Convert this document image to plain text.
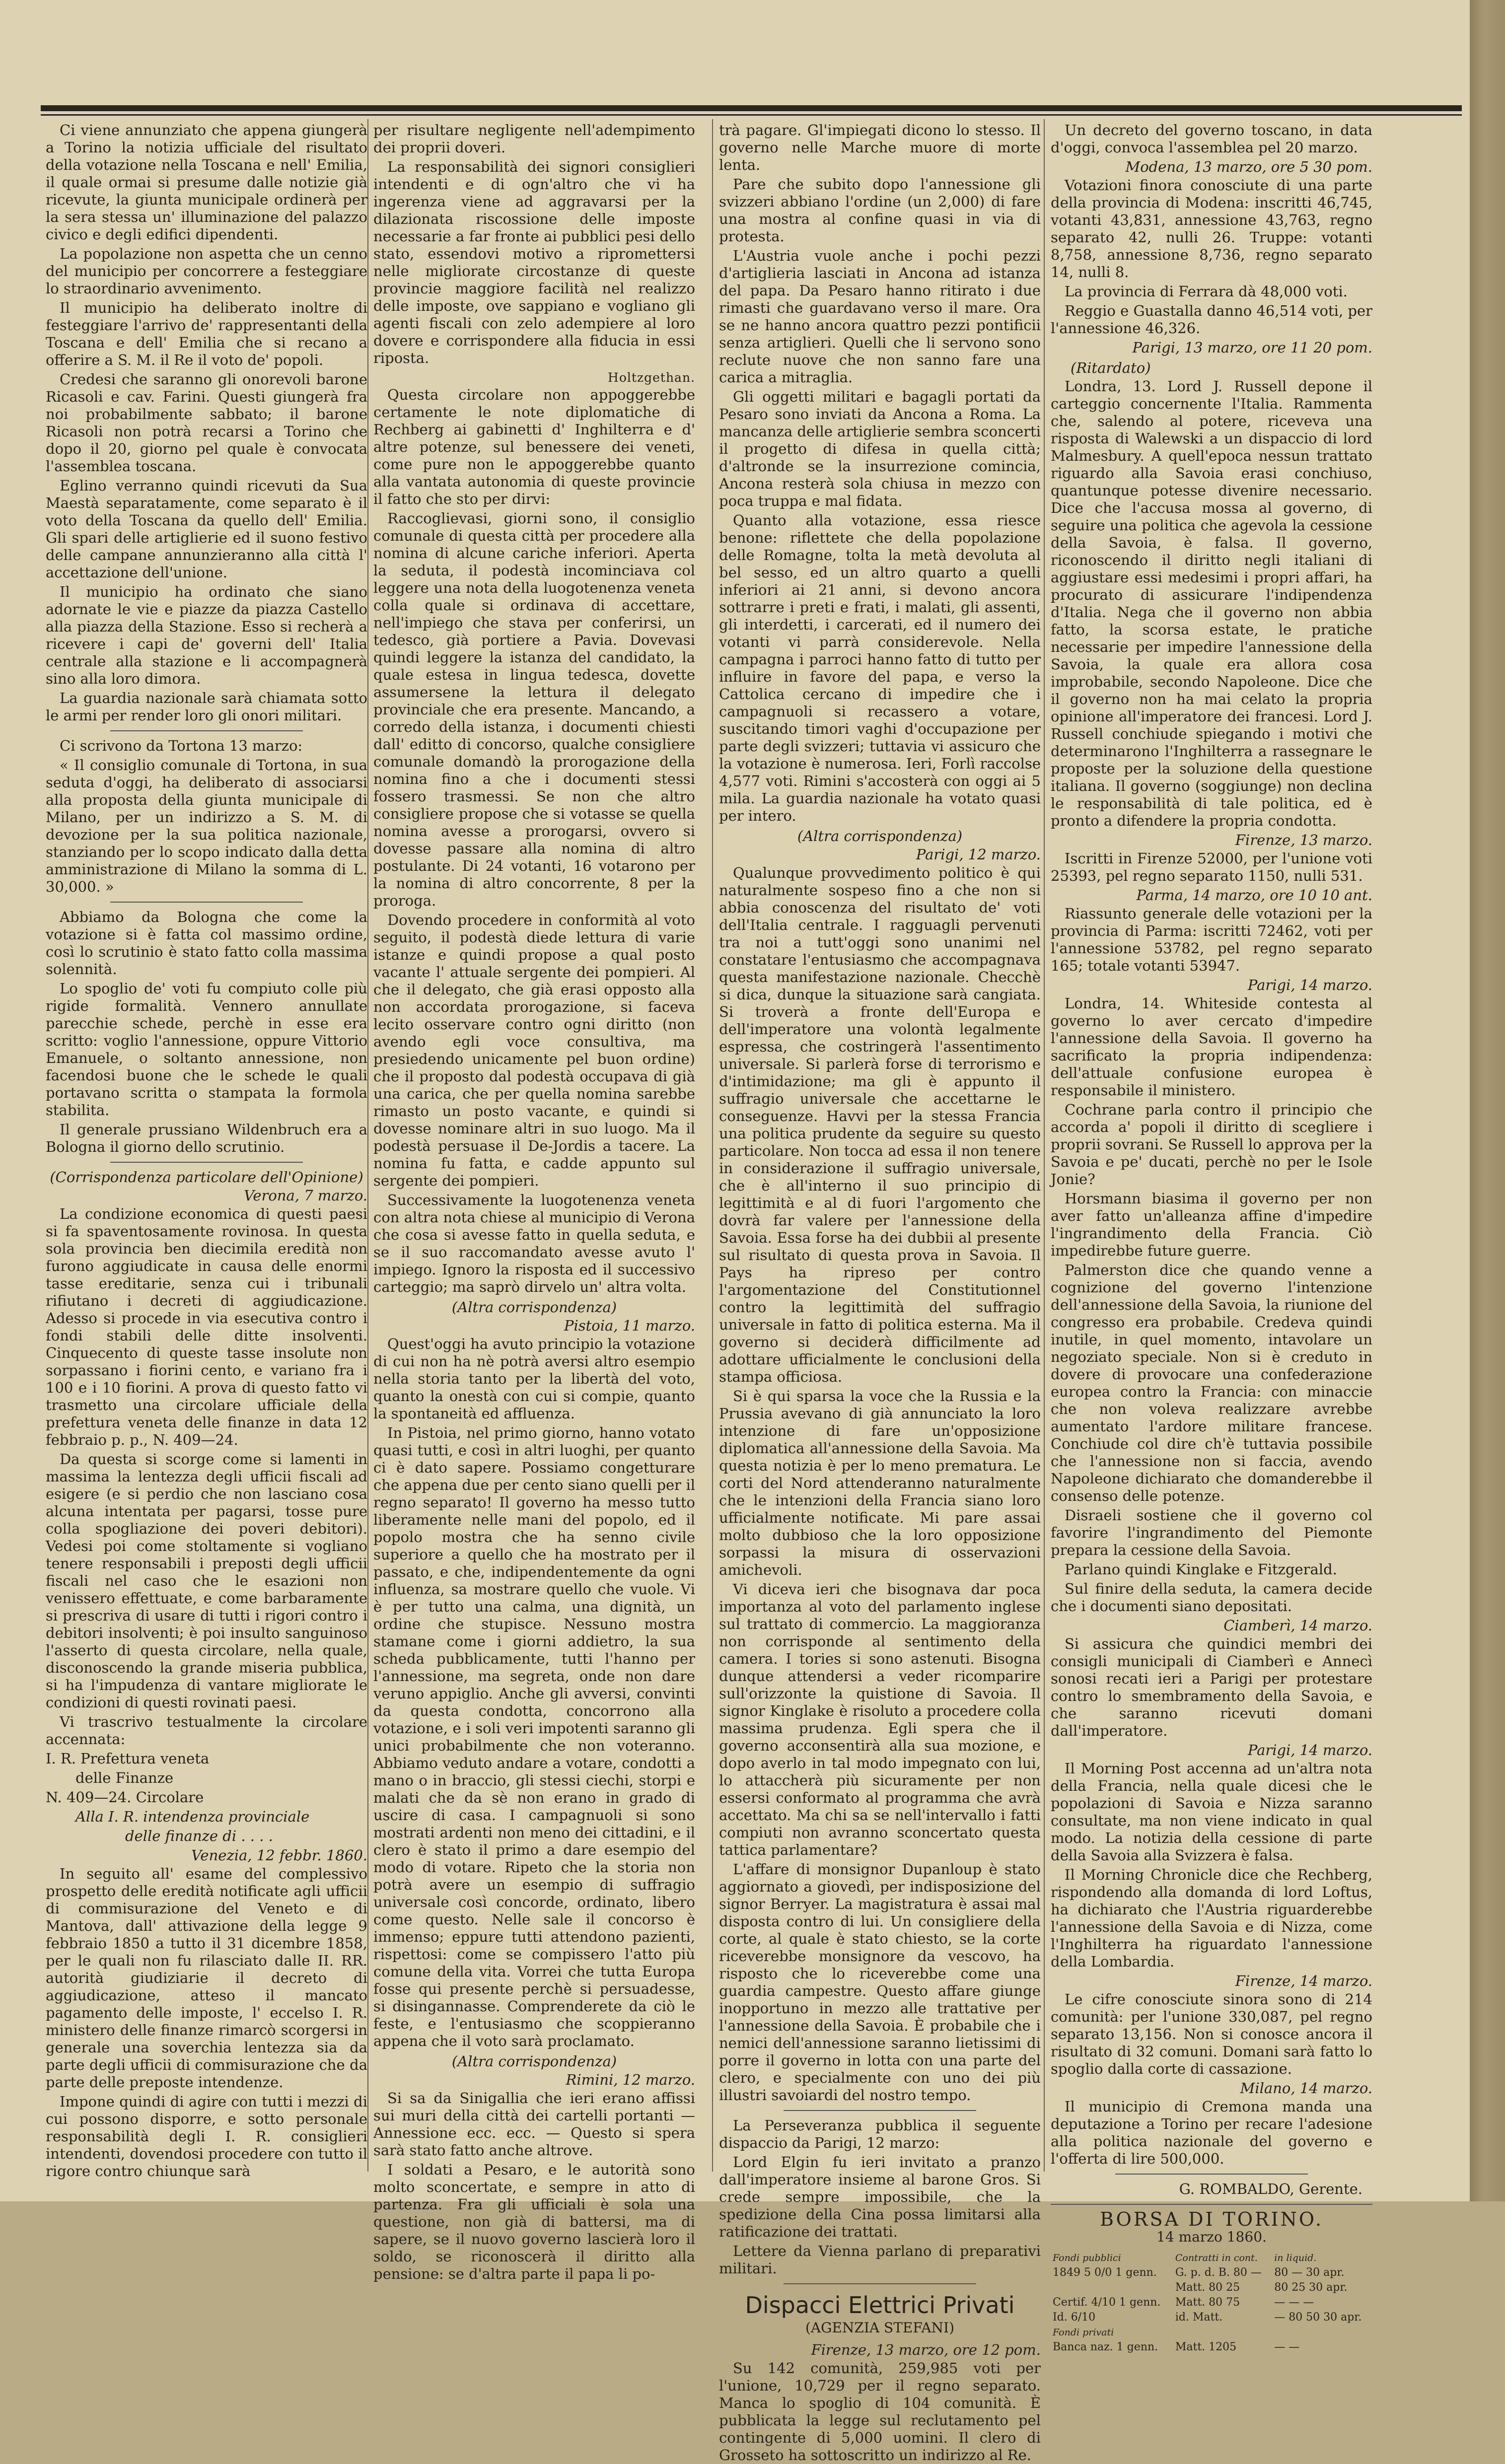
Ci viene annunziato che appena giungerà a Torino la notizia ufficiale del risultato della votazione nella Toscana e nell' Emilia, il quale ormai si presume dalle notizie già ricevute, la giunta municipale ordinerà per la sera stessa un' illuminazione del palazzo civico e degli edifici dipendenti.

La popolazione non aspetta che un cenno del municipio per concorrere a festeggiare lo straordinario avvenimento.

Il municipio ha deliberato inoltre di festeggiare l'arrivo de' rappresentanti della Toscana e dell' Emilia che si recano a offerire a S. M. il Re il voto de' popoli.

Credesi che saranno gli onorevoli barone Ricasoli e cav. Farini. Questi giungerà fra noi probabilmente sabbato; il barone Ricasoli non potrà recarsi a Torino che dopo il 20, giorno pel quale è convocata l'assemblea toscana.

Eglino verranno quindi ricevuti da Sua Maestà separatamente, come separato è il voto della Toscana da quello dell' Emilia. Gli spari delle artiglierie ed il suono festivo delle campane annunzieranno alla città l' accettazione dell'unione.

Il municipio ha ordinato che siano adornate le vie e piazze da piazza Castello alla piazza della Stazione. Esso si recherà a ricevere i capi de' governi dell' Italia centrale alla stazione e li accompagnerà sino alla loro dimora.

La guardia nazionale sarà chiamata sotto le armi per render loro gli onori militari.

Ci scrivono da Tortona 13 marzo:

« Il consiglio comunale di Tortona, in sua seduta d'oggi, ha deliberato di associarsi alla proposta della giunta municipale di Milano, per un indirizzo a S. M. di devozione per la sua politica nazionale, stanziando per lo scopo indicato dalla detta amministrazione di Milano la somma di L. 30,000. »

Abbiamo da Bologna che come la votazione si è fatta col massimo ordine, così lo scrutinio è stato fatto colla massima solennità.

Lo spoglio de' voti fu compiuto colle più rigide formalità. Vennero annullate parecchie schede, perchè in esse era scritto: voglio l'annessione, oppure Vittorio Emanuele, o soltanto annessione, non facendosi buone che le schede le quali portavano scritta o stampata la formola stabilita.

Il generale prussiano Wildenbruch era a Bologna il giorno dello scrutinio.

(Corrispondenza particolare dell'Opinione)
Verona, 7 marzo.

La condizione economica di questi paesi si fa spaventosamente rovinosa. In questa sola provincia ben diecimila eredità non furono aggiudicate in causa delle enormi tasse ereditarie, senza cui i tribunali rifiutano i decreti di aggiudicazione. Adesso si procede in via esecutiva contro i fondi stabili delle ditte insolventi. Cinquecento di queste tasse insolute non sorpassano i fiorini cento, e variano fra i 100 e i 10 fiorini. A prova di questo fatto vi trasmetto una circolare ufficiale della prefettura veneta delle finanze in data 12 febbraio p. p., N. 409—24.

Da questa si scorge come si lamenti in massima la lentezza degli ufficii fiscali ad esigere (e si perdio che non lasciano cosa alcuna intentata per pagarsi, tosse pure colla spogliazione dei poveri debitori). Vedesi poi come stoltamente si vogliano tenere responsabili i preposti degli ufficii fiscali nel caso che le esazioni non venissero effettuate, e come barbaramente si prescriva di usare di tutti i rigori contro i debitori insolventi; è poi insulto sanguinoso l'asserto di questa circolare, nella quale, disconoscendo la grande miseria pubblica, si ha l'impudenza di vantare migliorate le condizioni di questi rovinati paesi.

Vi trascrivo testualmente la circolare accennata:

I. R. Prefettura veneta

delle Finanze

N. 409—24. Circolare

Alla I. R. intendenza provinciale

delle finanze di . . . .

Venezia, 12 febbr. 1860.

In seguito all' esame del complessivo prospetto delle eredità notificate agli ufficii di commisurazione del Veneto e di Mantova, dall' attivazione della legge 9 febbraio 1850 a tutto il 31 dicembre 1858, per le quali non fu rilasciato dalle II. RR. autorità giudiziarie il decreto di aggiudicazione, atteso il mancato pagamento delle imposte, l' eccelso I. R. ministero delle finanze rimarcò scorgersi in generale una soverchia lentezza sia da parte degli ufficii di commisurazione che da parte delle preposte intendenze.

Impone quindi di agire con tutti i mezzi di cui possono disporre, e sotto personale responsabilità degli I. R. consiglieri intendenti, dovendosi procedere con tutto il rigore contro chiunque sarà

per risultare negligente nell'adempimento dei proprii doveri.

La responsabilità dei signori consiglieri intendenti e di ogn'altro che vi ha ingerenza viene ad aggravarsi per la dilazionata riscossione delle imposte necessarie a far fronte ai pubblici pesi dello stato, essendovi motivo a ripromettersi nelle migliorate circostanze di queste provincie maggiore facilità nel realizzo delle imposte, ove sappiano e vogliano gli agenti fiscali con zelo adempiere al loro dovere e corrispondere alla fiducia in essi riposta.

Holtzgethan.

Questa circolare non appoggerebbe certamente le note diplomatiche di Rechberg ai gabinetti d' Inghilterra e d' altre potenze, sul benessere dei veneti, come pure non le appoggerebbe quanto alla vantata autonomia di queste provincie il fatto che sto per dirvi:

Raccoglievasi, giorni sono, il consiglio comunale di questa città per procedere alla nomina di alcune cariche inferiori. Aperta la seduta, il podestà incominciava col leggere una nota della luogotenenza veneta colla quale si ordinava di accettare, nell'impiego che stava per conferirsi, un tedesco, già portiere a Pavia. Dovevasi quindi leggere la istanza del candidato, la quale estesa in lingua tedesca, dovette assumersene la lettura il delegato provinciale che era presente. Mancando, a corredo della istanza, i documenti chiesti dall' editto di concorso, qualche consigliere comunale domandò la prorogazione della nomina fino a che i documenti stessi fossero trasmessi. Se non che altro consigliere propose che si votasse se quella nomina avesse a prorogarsi, ovvero si dovesse passare alla nomina di altro postulante. Di 24 votanti, 16 votarono per la nomina di altro concorrente, 8 per la proroga.

Dovendo procedere in conformità al voto seguito, il podestà diede lettura di varie istanze e quindi propose a qual posto vacante l' attuale sergente dei pompieri. Al che il delegato, che già erasi opposto alla non accordata prorogazione, si faceva lecito osservare contro ogni diritto (non avendo egli voce consultiva, ma presiedendo unicamente pel buon ordine) che il proposto dal podestà occupava di già una carica, che per quella nomina sarebbe rimasto un posto vacante, e quindi si dovesse nominare altri in suo luogo. Ma il podestà persuase il De-Jordis a tacere. La nomina fu fatta, e cadde appunto sul sergente dei pompieri.

Successivamente la luogotenenza veneta con altra nota chiese al municipio di Verona che cosa si avesse fatto in quella seduta, e se il suo raccomandato avesse avuto l' impiego. Ignoro la risposta ed il successivo carteggio; ma saprò dirvelo un' altra volta.

(Altra corrispondenza)
Pistoia, 11 marzo.

Quest'oggi ha avuto principio la votazione di cui non ha nè potrà aversi altro esempio nella storia tanto per la libertà del voto, quanto la onestà con cui si compie, quanto la spontaneità ed affluenza.

In Pistoia, nel primo giorno, hanno votato quasi tutti, e così in altri luoghi, per quanto ci è dato sapere. Possiamo congetturare che appena due per cento siano quelli per il regno separato! Il governo ha messo tutto liberamente nelle mani del popolo, ed il popolo mostra che ha senno civile superiore a quello che ha mostrato per il passato, e che, indipendentemente da ogni influenza, sa mostrare quello che vuole. Vi è per tutto una calma, una dignità, un ordine che stupisce. Nessuno mostra stamane come i giorni addietro, la sua scheda pubblicamente, tutti l'hanno per l'annessione, ma segreta, onde non dare veruno appiglio. Anche gli avversi, convinti da questa condotta, concorrono alla votazione, e i soli veri impotenti saranno gli unici probabilmente che non voteranno. Abbiamo veduto andare a votare, condotti a mano o in braccio, gli stessi ciechi, storpi e malati che da sè non erano in grado di uscire di casa. I campagnuoli si sono mostrati ardenti non meno dei cittadini, e il clero è stato il primo a dare esempio del modo di votare. Ripeto che la storia non potrà avere un esempio di suffragio universale così concorde, ordinato, libero come questo. Nelle sale il concorso è immenso; eppure tutti attendono pazienti, rispettosi: come se compissero l'atto più comune della vita. Vorrei che tutta Europa fosse qui presente perchè si persuadesse, si disingannasse. Comprenderete da ciò le feste, e l'entusiasmo che scoppieranno appena che il voto sarà proclamato.

(Altra corrispondenza)
Rimini, 12 marzo.

Si sa da Sinigallia che ieri erano affissi sui muri della città dei cartelli portanti — Annessione ecc. ecc. — Questo si spera sarà stato fatto anche altrove.

I soldati a Pesaro, e le autorità sono molto sconcertate, e sempre in atto di partenza. Fra gli ufficiali è sola una questione, non già di battersi, ma di sapere, se il nuovo governo lascierà loro il soldo, se riconoscerà il diritto alla pensione: se d'altra parte il papa li po-

trà pagare. Gl'impiegati dicono lo stesso. Il governo nelle Marche muore di morte lenta.

Pare che subito dopo l'annessione gli svizzeri abbiano l'ordine (un 2,000) di fare una mostra al confine quasi in via di protesta.

L'Austria vuole anche i pochi pezzi d'artiglieria lasciati in Ancona ad istanza del papa. Da Pesaro hanno ritirato i due rimasti che guardavano verso il mare. Ora se ne hanno ancora quattro pezzi pontificii senza artiglieri. Quelli che li servono sono reclute nuove che non sanno fare una carica a mitraglia.

Gli oggetti militari e bagagli portati da Pesaro sono inviati da Ancona a Roma. La mancanza delle artiglierie sembra sconcerti il progetto di difesa in quella città; d'altronde se la insurrezione comincia, Ancona resterà sola chiusa in mezzo con poca truppa e mal fidata.

Quanto alla votazione, essa riesce benone: riflettete che della popolazione delle Romagne, tolta la metà devoluta al bel sesso, ed un altro quarto a quelli inferiori ai 21 anni, si devono ancora sottrarre i preti e frati, i malati, gli assenti, gli interdetti, i carcerati, ed il numero dei votanti vi parrà considerevole. Nella campagna i parroci hanno fatto di tutto per influire in favore del papa, e verso la Cattolica cercano di impedire che i campagnuoli si recassero a votare, suscitando timori vaghi d'occupazione per parte degli svizzeri; tuttavia vi assicuro che la votazione è numerosa. Ieri, Forlì raccolse 4,577 voti. Rimini s'accosterà con oggi ai 5 mila. La guardia nazionale ha votato quasi per intero.

(Altra corrispondenza)
Parigi, 12 marzo.

Qualunque provvedimento politico è qui naturalmente sospeso fino a che non si abbia conoscenza del risultato de' voti dell'Italia centrale. I ragguagli pervenuti tra noi a tutt'oggi sono unanimi nel constatare l'entusiasmo che accompagnava questa manifestazione nazionale. Checchè si dica, dunque la situazione sarà cangiata. Si troverà a fronte dell'Europa e dell'imperatore una volontà legalmente espressa, che costringerà l'assentimento universale. Si parlerà forse di terrorismo e d'intimidazione; ma gli è appunto il suffragio universale che accettarne le conseguenze. Havvi per la stessa Francia una politica prudente da seguire su questo particolare. Non tocca ad essa il non tenere in considerazione il suffragio universale, che è all'interno il suo principio di legittimità e al di fuori l'argomento che dovrà far valere per l'annessione della Savoia. Essa forse ha dei dubbii al presente sul risultato di questa prova in Savoia. Il Pays ha ripreso per contro l'argomentazione del Constitutionnel contro la legittimità del suffragio universale in fatto di politica esterna. Ma il governo si deciderà difficilmente ad adottare ufficialmente le conclusioni della stampa officiosa.

Si è qui sparsa la voce che la Russia e la Prussia avevano di già annunciato la loro intenzione di fare un'opposizione diplomatica all'annessione della Savoia. Ma questa notizia è per lo meno prematura. Le corti del Nord attenderanno naturalmente che le intenzioni della Francia siano loro ufficialmente notificate. Mi pare assai molto dubbioso che la loro opposizione sorpassi la misura di osservazioni amichevoli.

Vi diceva ieri che bisognava dar poca importanza al voto del parlamento inglese sul trattato di commercio. La maggioranza non corrisponde al sentimento della camera. I tories si sono astenuti. Bisogna dunque attendersi a veder ricomparire sull'orizzonte la quistione di Savoia. Il signor Kinglake è risoluto a procedere colla massima prudenza. Egli spera che il governo acconsentirà alla sua mozione, e dopo averlo in tal modo impegnato con lui, lo attaccherà più sicuramente per non essersi conformato al programma che avrà accettato. Ma chi sa se nell'intervallo i fatti compiuti non avranno sconcertato questa tattica parlamentare?

L'affare di monsignor Dupanloup è stato aggiornato a giovedì, per indisposizione del signor Berryer. La magistratura è assai mal disposta contro di lui. Un consigliere della corte, al quale è stato chiesto, se la corte riceverebbe monsignore da vescovo, ha risposto che lo riceverebbe come una guardia campestre. Questo affare giunge inopportuno in mezzo alle trattative per l'annessione della Savoia. È probabile che i nemici dell'annessione saranno lietissimi di porre il governo in lotta con una parte del clero, e specialmente con uno dei più illustri savoiardi del nostro tempo.

La Perseveranza pubblica il seguente dispaccio da Parigi, 12 marzo:

Lord Elgin fu ieri invitato a pranzo dall'imperatore insieme al barone Gros. Si crede sempre impossibile, che la spedizione della Cina possa limitarsi alla ratificazione dei trattati.

Lettere da Vienna parlano di preparativi militari.

Dispacci Elettrici Privati
(AGENZIA STEFANI)
Firenze, 13 marzo, ore 12 pom.

Su 142 comunità, 259,985 voti per l'unione, 10,729 per il regno separato. Manca lo spoglio di 104 comunità. È pubblicata la legge sul reclutamento pel contingente di 5,000 uomini. Il clero di Grosseto ha sottoscritto un indirizzo al Re.

Un decreto del governo toscano, in data d'oggi, convoca l'assemblea pel 20 marzo.

Modena, 13 marzo, ore 5 30 pom.

Votazioni finora conosciute di una parte della provincia di Modena: inscritti 46,745, votanti 43,831, annessione 43,763, regno separato 42, nulli 26. Truppe: votanti 8,758, annessione 8,736, regno separato 14, nulli 8.

La provincia di Ferrara dà 48,000 voti.

Reggio e Guastalla danno 46,514 voti, per l'annessione 46,326.

Parigi, 13 marzo, ore 11 20 pom.
(Ritardato)

Londra, 13. Lord J. Russell depone il carteggio concernente l'Italia. Rammenta che, salendo al potere, riceveva una risposta di Walewski a un dispaccio di lord Malmesbury. A quell'epoca nessun trattato riguardo alla Savoia erasi conchiuso, quantunque potesse divenire necessario. Dice che l'accusa mossa al governo, di seguire una politica che agevola la cessione della Savoia, è falsa. Il governo, riconoscendo il diritto negli italiani di aggiustare essi medesimi i propri affari, ha procurato di assicurare l'indipendenza d'Italia. Nega che il governo non abbia fatto, la scorsa estate, le pratiche necessarie per impedire l'annessione della Savoia, la quale era allora cosa improbabile, secondo Napoleone. Dice che il governo non ha mai celato la propria opinione all'imperatore dei francesi. Lord J. Russell conchiude spiegando i motivi che determinarono l'Inghilterra a rassegnare le proposte per la soluzione della questione italiana. Il governo (soggiunge) non declina le responsabilità di tale politica, ed è pronto a difendere la propria condotta.

Firenze, 13 marzo.

Iscritti in Firenze 52000, per l'unione voti 25393, pel regno separato 1150, nulli 531.

Parma, 14 marzo, ore 10 10 ant.

Riassunto generale delle votazioni per la provincia di Parma: iscritti 72462, voti per l'annessione 53782, pel regno separato 165; totale votanti 53947.

Parigi, 14 marzo.

Londra, 14. Whiteside contesta al governo lo aver cercato d'impedire l'annessione della Savoia. Il governo ha sacrificato la propria indipendenza: dell'attuale confusione europea è responsabile il ministero.

Cochrane parla contro il principio che accorda a' popoli il diritto di scegliere i proprii sovrani. Se Russell lo approva per la Savoia e pe' ducati, perchè no per le Isole Jonie?

Horsmann biasima il governo per non aver fatto un'alleanza affine d'impedire l'ingrandimento della Francia. Ciò impedirebbe future guerre.

Palmerston dice che quando venne a cognizione del governo l'intenzione dell'annessione della Savoia, la riunione del congresso era probabile. Credeva quindi inutile, in quel momento, intavolare un negoziato speciale. Non si è creduto in dovere di provocare una confederazione europea contro la Francia: con minaccie che non voleva realizzare avrebbe aumentato l'ardore militare francese. Conchiude col dire ch'è tuttavia possibile che l'annessione non si faccia, avendo Napoleone dichiarato che domanderebbe il consenso delle potenze.

Disraeli sostiene che il governo col favorire l'ingrandimento del Piemonte prepara la cessione della Savoia.

Parlano quindi Kinglake e Fitzgerald.

Sul finire della seduta, la camera decide che i documenti siano depositati.

Ciamberì, 14 marzo.

Si assicura che quindici membri dei consigli municipali di Ciamberì e Annecì sonosi recati ieri a Parigi per protestare contro lo smembramento della Savoia, e che saranno ricevuti domani dall'imperatore.

Parigi, 14 marzo.

Il Morning Post accenna ad un'altra nota della Francia, nella quale dicesi che le popolazioni di Savoia e Nizza saranno consultate, ma non viene indicato in qual modo. La notizia della cessione di parte della Savoia alla Svizzera è falsa.

Il Morning Chronicle dice che Rechberg, rispondendo alla domanda di lord Loftus, ha dichiarato che l'Austria riguarderebbe l'annessione della Savoia e di Nizza, come l'Inghilterra ha riguardato l'annessione della Lombardia.

Firenze, 14 marzo.

Le cifre conosciute sinora sono di 214 comunità: per l'unione 330,087, pel regno separato 13,156. Non si conosce ancora il risultato di 32 comuni. Domani sarà fatto lo spoglio dalla corte di cassazione.

Milano, 14 marzo.

Il municipio di Cremona manda una deputazione a Torino per recare l'adesione alla politica nazionale del governo e l'offerta di lire 500,000.

G. ROMBALDO, Gerente.
BORSA DI TORINO.
14 marzo 1860.
Fondi pubblici	Contratti in cont.	in liquid.
1849 5 0/0 1 genn.	G. p. d. B. 80 —	80 — 30 apr.
	Matt. 80 25	80 25 30 apr.
Certif. 4/10 1 genn.	Matt. 80 75	— — —
Id. 6/10	id. Matt.	— 80 50 30 apr.
Fondi privati		
Banca naz. 1 genn.	Matt. 1205	— —
